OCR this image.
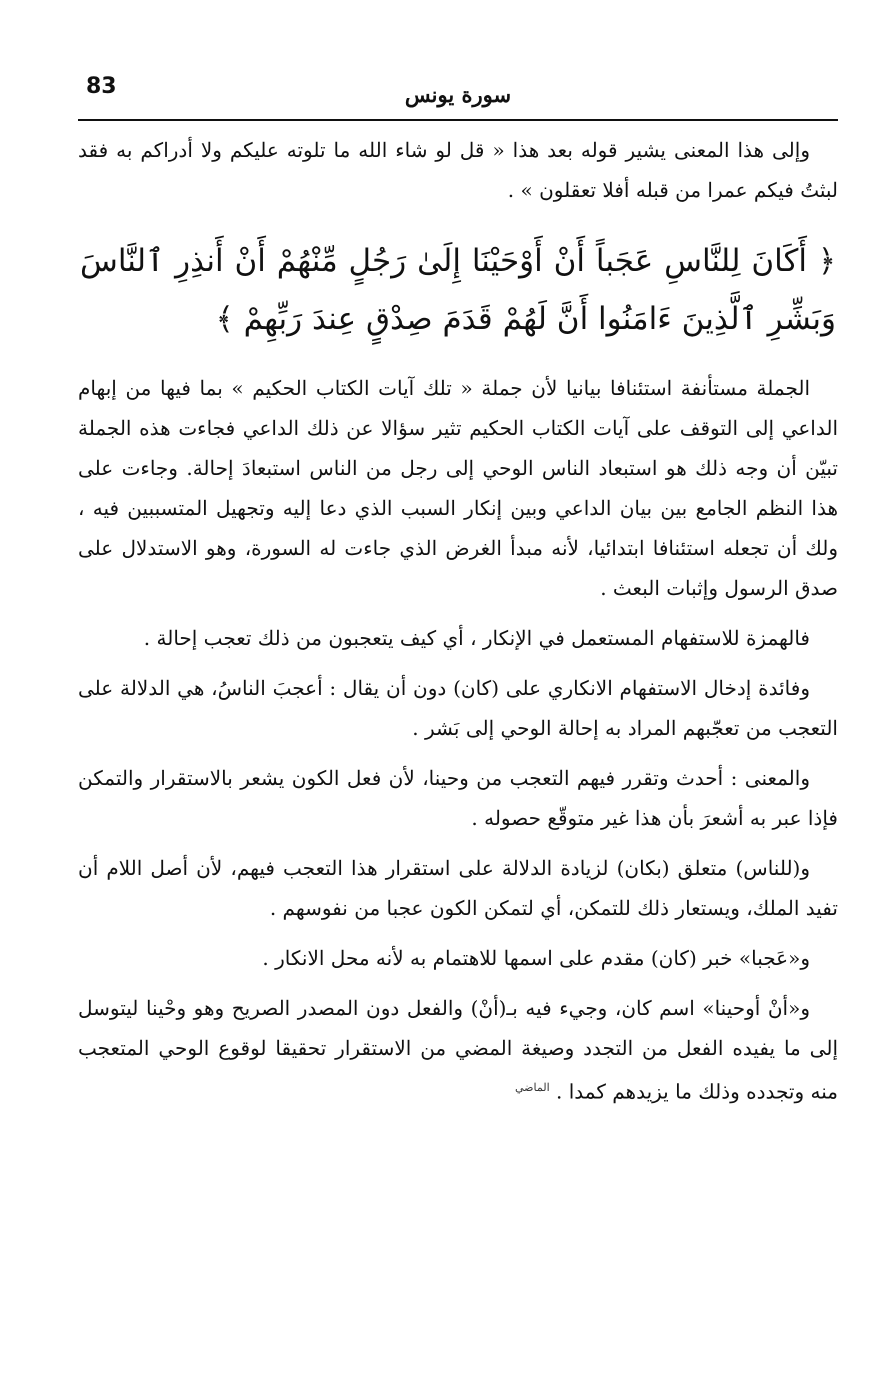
83	سورة يونس

وإلى هذا المعنى يشير قوله بعد هذا « قل لو شاء الله ما تلوته عليكم ولا أدراكم به فقد لبثتُ فيكم عمرا من قبله أفلا تعقلون » .

﴿ أَكَانَ لِلنَّاسِ عَجَباً أَنْ أَوْحَيْنَا إِلَىٰ رَجُلٍ مِّنْهُمْ أَنْ أَنذِرِ ٱلنَّاسَ وَبَشِّرِ ٱلَّذِينَ ءَامَنُوا أَنَّ لَهُمْ قَدَمَ صِدْقٍ عِندَ رَبِّهِمْ ﴾

الجملة مستأنفة استئنافا بيانيا لأن جملة « تلك آيات الكتاب الحكيم » بما فيها من إبهام الداعي إلى التوقف على آيات الكتاب الحكيم تثير سؤالا عن ذلك الداعي فجاءت هذه الجملة تبيّن أن وجه ذلك هو استبعاد الناس الوحي إلى رجل من الناس استبعادَ إحالة. وجاءت على هذا النظم الجامع بين بيان الداعي وبين إنكار السبب الذي دعا إليه وتجهيل المتسببين فيه ، ولك أن تجعله استئنافا ابتدائيا، لأنه مبدأ الغرض الذي جاءت له السورة، وهو الاستدلال على صدق الرسول وإثبات البعث .

فالهمزة للاستفهام المستعمل في الإنكار ، أي كيف يتعجبون من ذلك تعجب إحالة .

وفائدة إدخال الاستفهام الانكاري على (كان) دون أن يقال : أعجبَ الناسُ، هي الدلالة على التعجب من تعجّبهم المراد به إحالة الوحي إلى بَشر .

والمعنى : أحدث وتقرر فيهم التعجب من وحينا، لأن فعل الكون يشعر بالاستقرار والتمكن فإذا عبر به أشعرَ بأن هذا غير متوقّع حصوله .

و(للناس) متعلق (بكان) لزيادة الدلالة على استقرار هذا التعجب فيهم، لأن أصل اللام أن تفيد الملك، ويستعار ذلك للتمكن، أي لتمكن الكون عجبا من نفوسهم .

و«عَجبا» خبر (كان) مقدم على اسمها للاهتمام به لأنه محل الانكار .

و«أنْ أوحينا» اسم كان، وجيء فيه بـ(أنْ) والفعل دون المصدر الصريح وهو وحْينا ليتوسل إلى ما يفيده الفعل من التجدد وصيغة المضي من الاستقرار تحقيقا لوقوع الوحي المتعجب منه وتجدده وذلك ما يزيدهم كمدا . $^{الماضي}$
